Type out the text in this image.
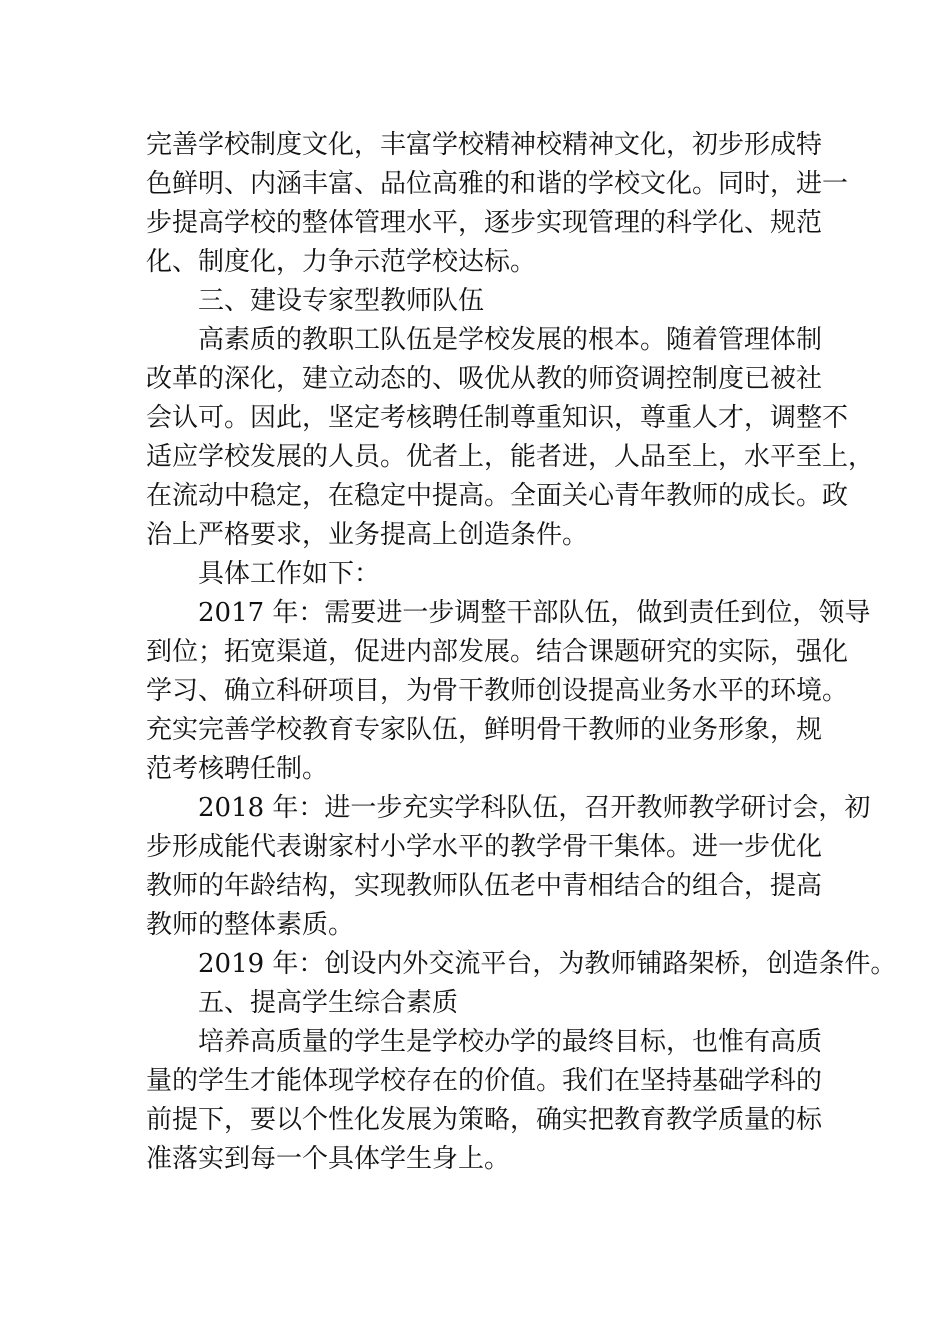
完善学校制度文化，丰富学校精神校精神文化，初步形成特
色鲜明、内涵丰富、品位高雅的和谐的学校文化。同时，进一
步提高学校的整体管理水平，逐步实现管理的科学化、规范
化、制度化，力争示范学校达标。
三、建设专家型教师队伍
高素质的教职工队伍是学校发展的根本。随着管理体制
改革的深化，建立动态的、吸优从教的师资调控制度已被社
会认可。因此，坚定考核聘任制尊重知识，尊重人才，调整不
适应学校发展的人员。优者上，能者进，人品至上，水平至上，
在流动中稳定，在稳定中提高。全面关心青年教师的成长。政
治上严格要求，业务提高上创造条件。
具体工作如下：
2017 年：需要进一步调整干部队伍，做到责任到位，领导
到位；拓宽渠道，促进内部发展。结合课题研究的实际，强化
学习、确立科研项目，为骨干教师创设提高业务水平的环境。
充实完善学校教育专家队伍，鲜明骨干教师的业务形象，规
范考核聘任制。
2018 年：进一步充实学科队伍，召开教师教学研讨会，初
步形成能代表谢家村小学水平的教学骨干集体。进一步优化
教师的年龄结构，实现教师队伍老中青相结合的组合，提高
教师的整体素质。
2019 年：创设内外交流平台，为教师铺路架桥，创造条件。
五、提高学生综合素质
培养高质量的学生是学校办学的最终目标，也惟有高质
量的学生才能体现学校存在的价值。我们在坚持基础学科的
前提下，要以个性化发展为策略，确实把教育教学质量的标
准落实到每一个具体学生身上。
